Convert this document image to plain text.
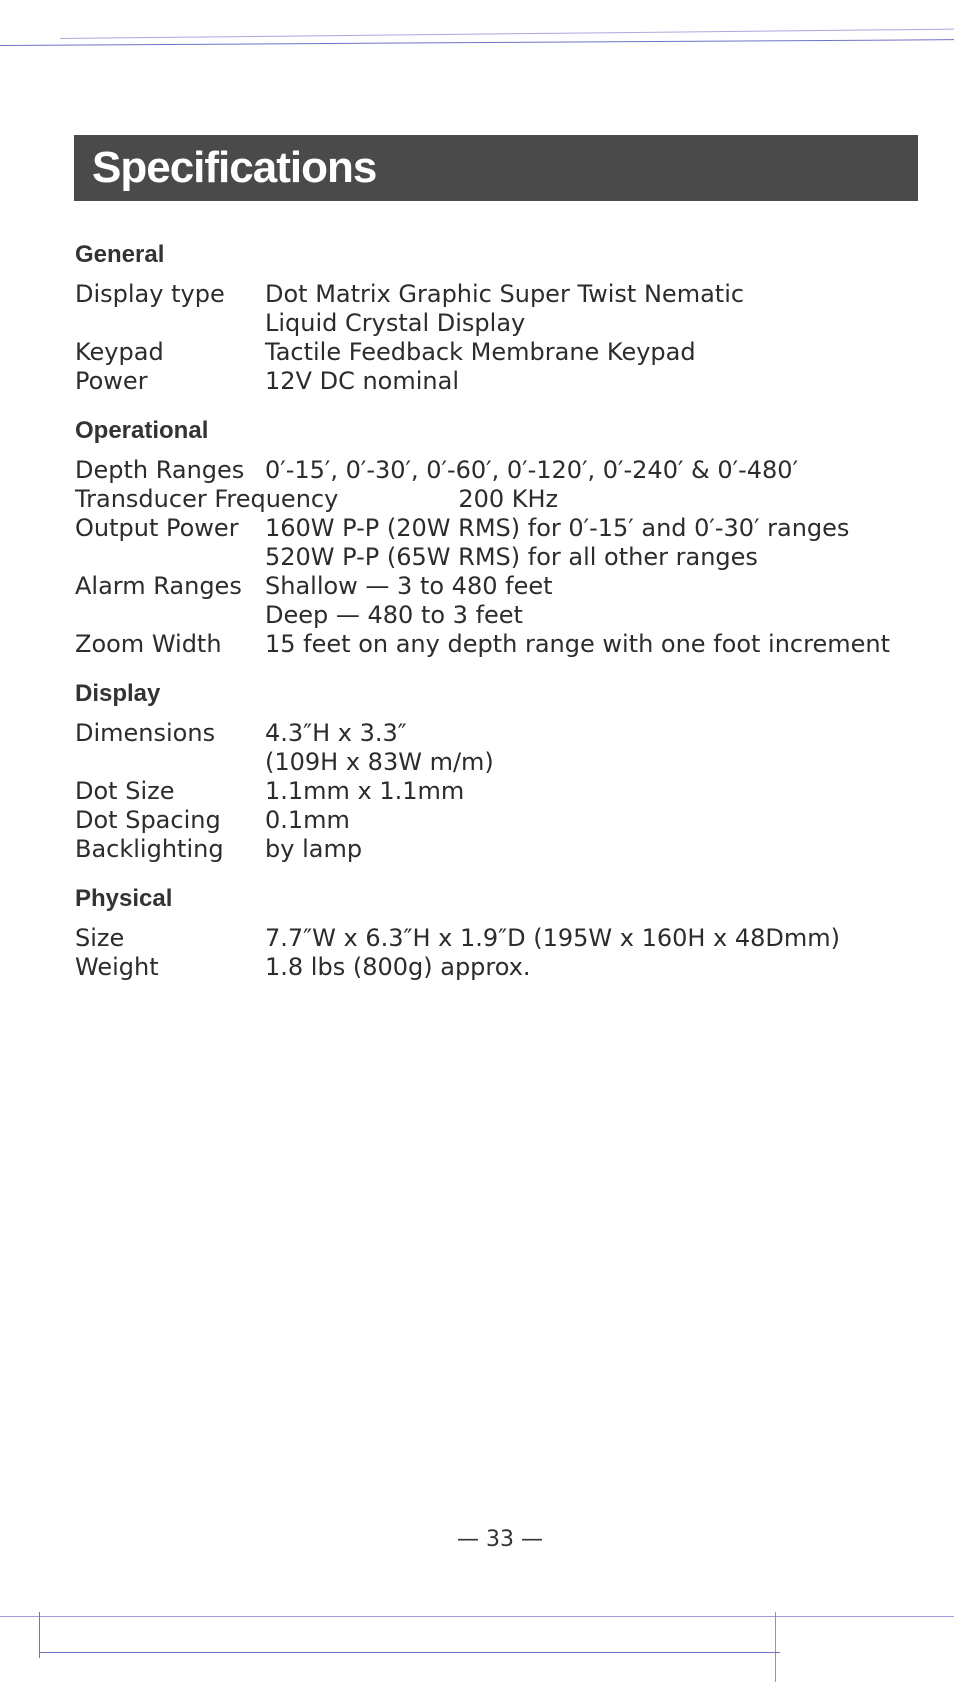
Specifications
General
Display type	Dot Matrix Graphic Super Twist Nematic
Liquid Crystal Display
Keypad	Tactile Feedback Membrane Keypad
Power	12V DC nominal
Operational
Depth Ranges 0′-15′, 0′-30′, 0′-60′, 0′-120′, 0′-240′ & 0′-480′
Transducer Frequency	200 KHz
Output Power	160W P-P (20W RMS) for 0′-15′ and 0′-30′ ranges
520W P-P (65W RMS) for all other ranges
Alarm Ranges Shallow — 3 to 480 feet
Deep — 480 to 3 feet
Zoom Width	15 feet on any depth range with one foot increment
Display
Dimensions	4.3″H x 3.3″
(109H x 83W m/m)
Dot Size	1.1mm x 1.1mm
Dot Spacing	0.1mm
Backlighting	by lamp
Physical
Size	7.7″W x 6.3″H x 1.9″D (195W x 160H x 48Dmm)
Weight	1.8 lbs (800g) approx.
— 33 —
